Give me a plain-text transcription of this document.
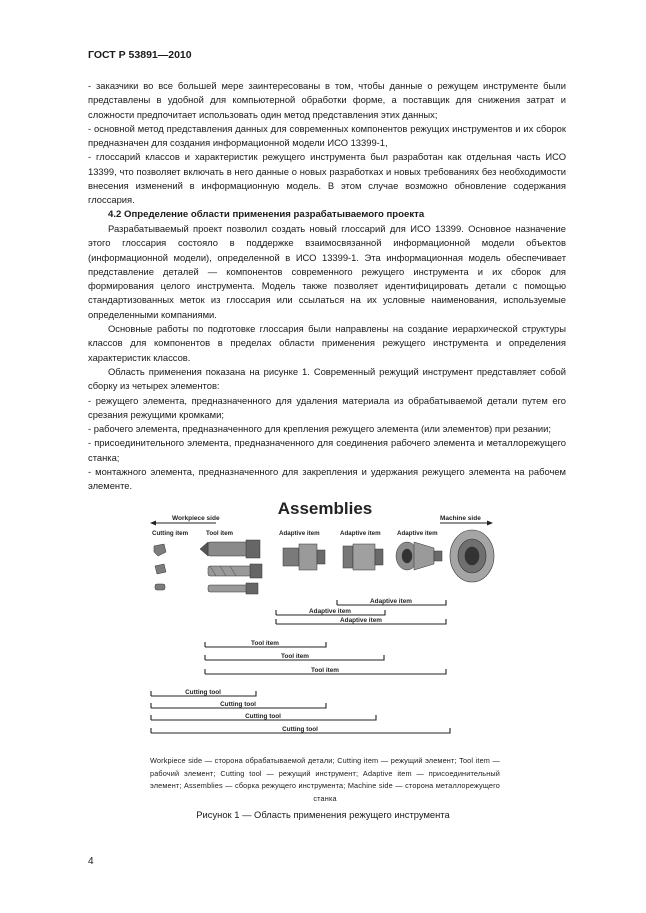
ГОСТ Р 53891—2010

- заказчики во все большей мере заинтересованы в том, чтобы данные о режущем инструменте были представлены в удобной для компьютерной обработки форме, а поставщик для снижения затрат и сложности предпочитает использовать один метод представления этих данных;

- основной метод представления данных для современных компонентов режущих инструментов и их сборок предназначен для создания информационной модели ИСО 13399-1,

- глоссарий классов и характеристик режущего инструмента был разработан как отдельная часть ИСО 13399, что позволяет включать в него данные о новых разработках и новых требованиях без необходимости внесения изменений в информационную модель. В этом случае возможно обновление содержания глоссария.

4.2 Определение области применения разрабатываемого проекта

Разрабатываемый проект позволил создать новый глоссарий для ИСО 13399. Основное назначение этого глоссария состояло в поддержке взаимосвязанной информационной модели объектов (информационной модели), определенной в ИСО 13399-1. Эта информационная модель обеспечивает представление деталей — компонентов современного режущего инструмента и их сборок для формирования целого инструмента. Модель также позволяет идентифицировать детали с помощью стандартизованных меток из глоссария или ссылаться на их условные наименования, используемые определенными компаниями.

Основные работы по подготовке глоссария были направлены на создание иерархической структуры классов для компонентов в пределах области применения режущего инструмента и определения характеристик классов.

Область применения показана на рисунке 1. Современный режущий инструмент представляет собой сборку из четырех элементов:

- режущего элемента, предназначенного для удаления материала из обрабатываемой детали путем его срезания режущими кромками;

- рабочего элемента, предназначенного для крепления режущего элемента (или элементов) при резании;

- присоединительного элемента, предназначенного для соединения рабочего элемента и металлорежущего станка;

- монтажного элемента, предназначенного для закрепления и удержания режущего элемента на рабочем элементе.

Assemblies
Workpiece side	Machine side
Cutting item	Tool item	Adaptive item	Adaptive item	Adaptive item
Adaptive item
Adaptive item
Adaptive item
Tool item
Tool item
Tool item
Cutting tool
Cutting tool
Cutting tool
Cutting tool
Workpiece side — сторона обрабатываемой детали; Cutting item — режущий элемент; Tool item — рабочий элемент; Cutting tool — режущий инструмент; Adaptive item — присоединительный элемент; Assemblies — сборка режущего инструмента; Machine side — сторона металлорежущего станка
Рисунок 1 — Область применения режущего инструмента
4
